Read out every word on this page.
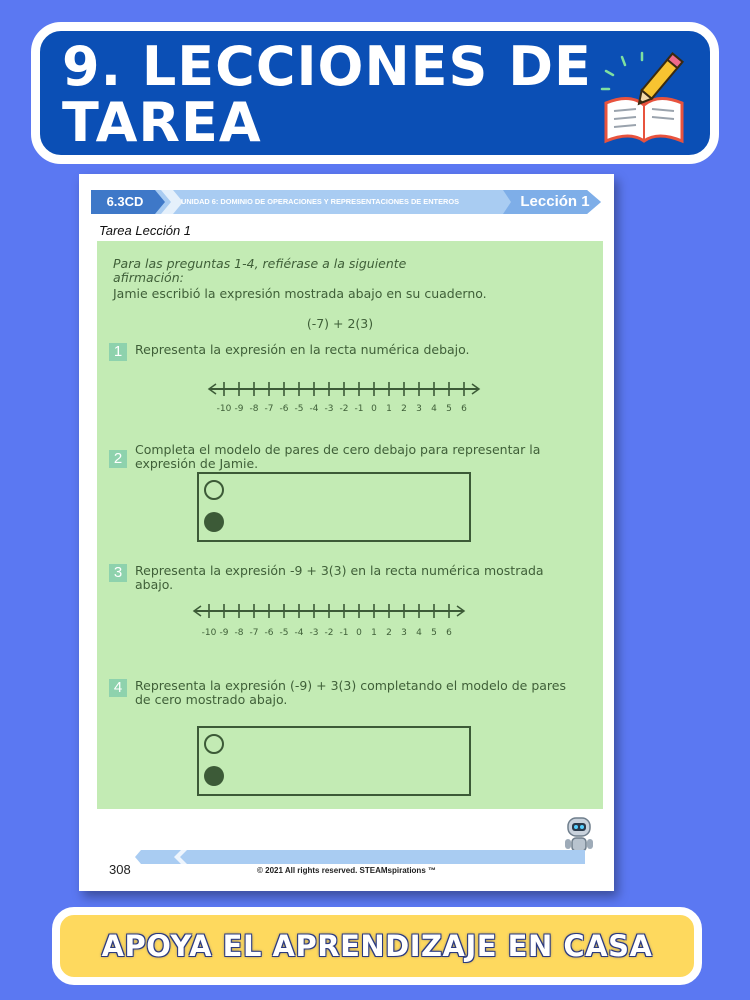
9. LECCIONES DE TAREA
6.3CD	UNIDAD 6: DOMINIO DE OPERACIONES Y REPRESENTACIONES DE ENTEROS	Lección 1
Tarea Lección 1
Para las preguntas 1-4, refiérase a la siguiente afirmación:
Jamie escribió la expresión mostrada abajo en su cuaderno.
(-7) + 2(3)
1	Representa la expresión en la recta numérica debajo.
-10 -9 -8 -7 -6 -5 -4 -3 -2 -1 0	1	2	3	4	5	6
2
Completa el modelo de pares de cero debajo para representar la expresión de Jamie.
3	Representa la expresión -9 + 3(3) en la recta numérica mostrada abajo.
-10 -9 -8 -7 -6 -5 -4 -3 -2 -1 0	1	2	3	4	5	6
4	Representa la expresión (-9) + 3(3) completando el modelo de pares de cero mostrado abajo.
308	© 2021 All rights reserved. STEAMspirations ™
APOYA EL APRENDIZAJE EN CASA
